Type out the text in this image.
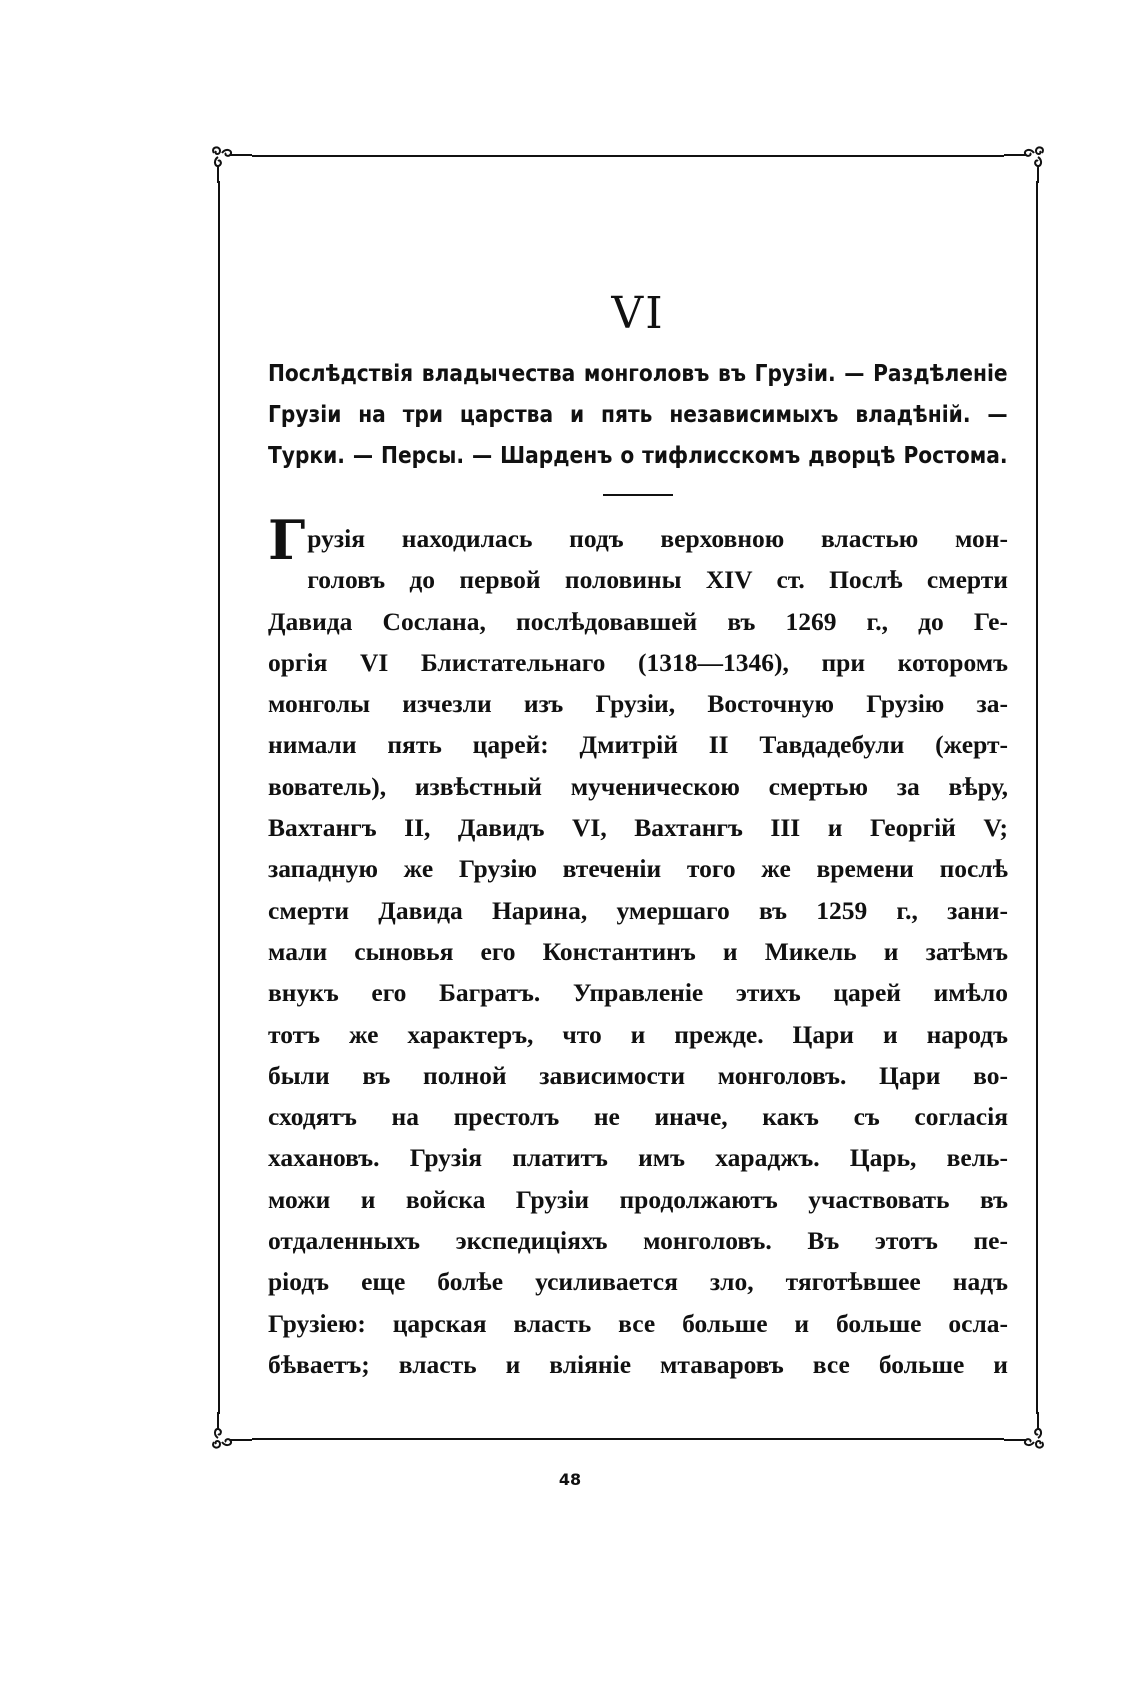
VI
Послѣдствія владычества монголовъ въ Грузіи. — Раздѣленіе
Грузіи на три царства и пять независимыхъ владѣній. —
Турки. — Персы. — Шарденъ о тифлисскомъ дворцѣ Ростома.
Г рузія находилась подъ верховною властью мон-
головъ до первой половины XIV ст. Послѣ смерти
Давида Сослана, послѣдовавшей въ 1269 г., до Ге-
оргія VI Блистательнаго (1318—1346), при которомъ
монголы изчезли изъ Грузіи, Восточную Грузію за-
нимали пять царей: Дмитрій II Тавдадебули (жерт-
вователь), извѣстный мученическою смертью за вѣру,
Вахтангъ II, Давидъ VI, Вахтангъ III и Георгій V;
западную же Грузію втеченіи того же времени послѣ
смерти Давида Нарина, умершаго въ 1259 г., зани-
мали сыновья его Константинъ и Микель и затѣмъ
внукъ его Багратъ. Управленіе этихъ царей имѣло
тотъ же характеръ, что и прежде. Цари и народъ
были въ полной зависимости монголовъ. Цари во-
сходятъ на престолъ не иначе, какъ съ согласія
хахановъ. Грузія платитъ имъ хараджъ. Царь, вель-
можи и войска Грузіи продолжаютъ участвовать въ
отдаленныхъ экспедиціяхъ монголовъ. Въ этотъ пе-
ріодъ еще болѣе усиливается зло, тяготѣвшее надъ
Грузіею: царская власть все больше и больше осла-
бѣваетъ; власть и вліяніе мтаваровъ все больше и
48
